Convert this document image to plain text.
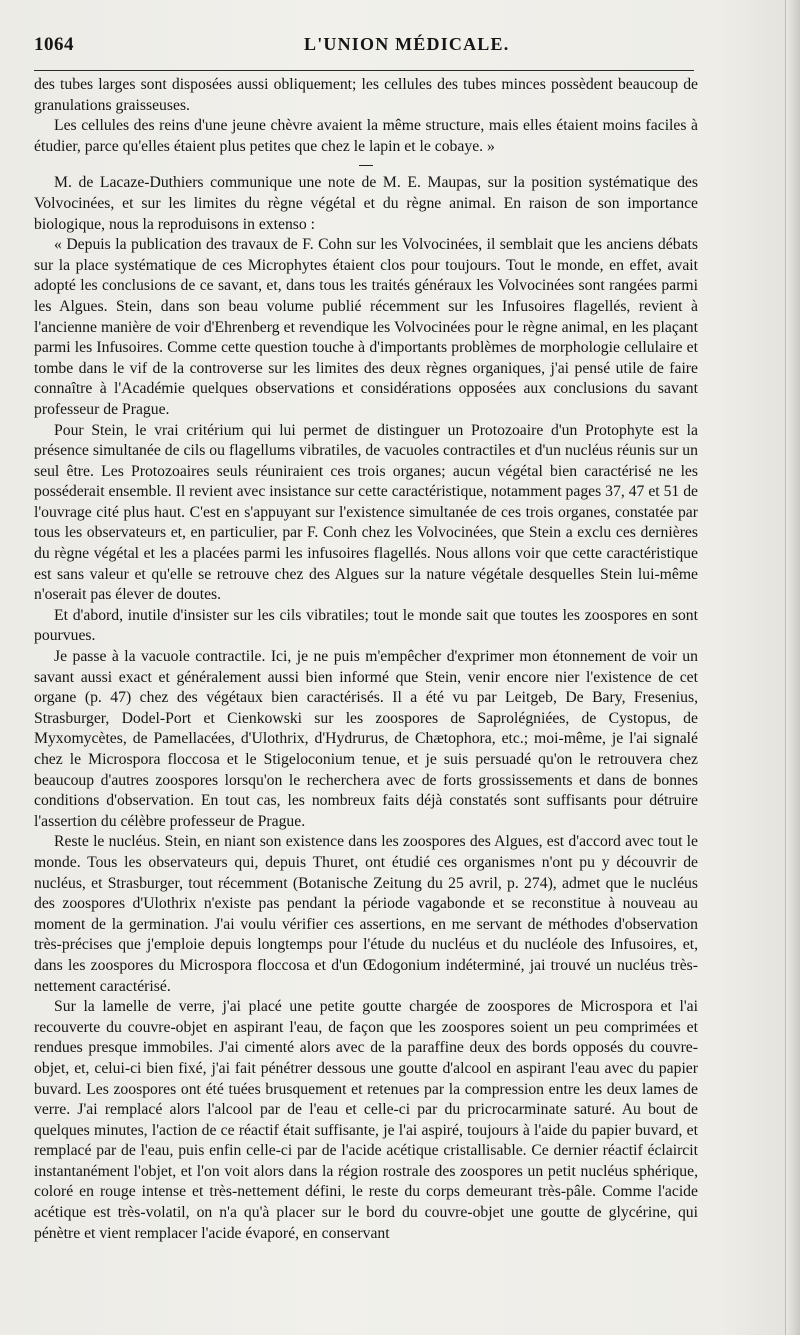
1064	L'UNION MÉDICALE.

des tubes larges sont disposées aussi obliquement; les cellules des tubes minces possèdent beaucoup de granulations graisseuses.

Les cellules des reins d'une jeune chèvre avaient la même structure, mais elles étaient moins faciles à étudier, parce qu'elles étaient plus petites que chez le lapin et le cobaye. »

M. de Lacaze-Duthiers communique une note de M. E. Maupas, sur la position systématique des Volvocinées, et sur les limites du règne végétal et du règne animal. En raison de son importance biologique, nous la reproduisons in extenso :

« Depuis la publication des travaux de F. Cohn sur les Volvocinées, il semblait que les anciens débats sur la place systématique de ces Microphytes étaient clos pour toujours. Tout le monde, en effet, avait adopté les conclusions de ce savant, et, dans tous les traités généraux les Volvocinées sont rangées parmi les Algues. Stein, dans son beau volume publié récemment sur les Infusoires flagellés, revient à l'ancienne manière de voir d'Ehrenberg et revendique les Volvocinées pour le règne animal, en les plaçant parmi les Infusoires. Comme cette question touche à d'importants problèmes de morphologie cellulaire et tombe dans le vif de la controverse sur les limites des deux règnes organiques, j'ai pensé utile de faire connaître à l'Académie quelques observations et considérations opposées aux conclusions du savant professeur de Prague.

Pour Stein, le vrai critérium qui lui permet de distinguer un Protozoaire d'un Protophyte est la présence simultanée de cils ou flagellums vibratiles, de vacuoles contractiles et d'un nucléus réunis sur un seul être. Les Protozoaires seuls réuniraient ces trois organes; aucun végétal bien caractérisé ne les posséderait ensemble. Il revient avec insistance sur cette caractéristique, notamment pages 37, 47 et 51 de l'ouvrage cité plus haut. C'est en s'appuyant sur l'existence simultanée de ces trois organes, constatée par tous les observateurs et, en particulier, par F. Conh chez les Volvocinées, que Stein a exclu ces dernières du règne végétal et les a placées parmi les infusoires flagellés. Nous allons voir que cette caractéristique est sans valeur et qu'elle se retrouve chez des Algues sur la nature végétale desquelles Stein lui-même n'oserait pas élever de doutes.

Et d'abord, inutile d'insister sur les cils vibratiles; tout le monde sait que toutes les zoospores en sont pourvues.

Je passe à la vacuole contractile. Ici, je ne puis m'empêcher d'exprimer mon étonnement de voir un savant aussi exact et généralement aussi bien informé que Stein, venir encore nier l'existence de cet organe (p. 47) chez des végétaux bien caractérisés. Il a été vu par Leitgeb, De Bary, Fresenius, Strasburger, Dodel-Port et Cienkowski sur les zoospores de Saprolégniées, de Cystopus, de Myxomycètes, de Pamellacées, d'Ulothrix, d'Hydrurus, de Chætophora, etc.; moi-même, je l'ai signalé chez le Microspora floccosa et le Stigeloconium tenue, et je suis persuadé qu'on le retrouvera chez beaucoup d'autres zoospores lorsqu'on le recherchera avec de forts grossissements et dans de bonnes conditions d'observation. En tout cas, les nombreux faits déjà constatés sont suffisants pour détruire l'assertion du célèbre professeur de Prague.

Reste le nucléus. Stein, en niant son existence dans les zoospores des Algues, est d'accord avec tout le monde. Tous les observateurs qui, depuis Thuret, ont étudié ces organismes n'ont pu y découvrir de nucléus, et Strasburger, tout récemment (Botanische Zeitung du 25 avril, p. 274), admet que le nucléus des zoospores d'Ulothrix n'existe pas pendant la période vagabonde et se reconstitue à nouveau au moment de la germination. J'ai voulu vérifier ces assertions, en me servant de méthodes d'observation très-précises que j'emploie depuis longtemps pour l'étude du nucléus et du nucléole des Infusoires, et, dans les zoospores du Microspora floccosa et d'un Œdogonium indéterminé, jai trouvé un nucléus très-nettement caractérisé.

Sur la lamelle de verre, j'ai placé une petite goutte chargée de zoospores de Microspora et l'ai recouverte du couvre-objet en aspirant l'eau, de façon que les zoospores soient un peu comprimées et rendues presque immobiles. J'ai cimenté alors avec de la paraffine deux des bords opposés du couvre-objet, et, celui-ci bien fixé, j'ai fait pénétrer dessous une goutte d'alcool en aspirant l'eau avec du papier buvard. Les zoospores ont été tuées brusquement et retenues par la compression entre les deux lames de verre. J'ai remplacé alors l'alcool par de l'eau et celle-ci par du pricrocarminate saturé. Au bout de quelques minutes, l'action de ce réactif était suffisante, je l'ai aspiré, toujours à l'aide du papier buvard, et remplacé par de l'eau, puis enfin celle-ci par de l'acide acétique cristallisable. Ce dernier réactif éclaircit instantanément l'objet, et l'on voit alors dans la région rostrale des zoospores un petit nucléus sphérique, coloré en rouge intense et très-nettement défini, le reste du corps demeurant très-pâle. Comme l'acide acétique est très-volatil, on n'a qu'à placer sur le bord du couvre-objet une goutte de glycérine, qui pénètre et vient remplacer l'acide évaporé, en conservant
